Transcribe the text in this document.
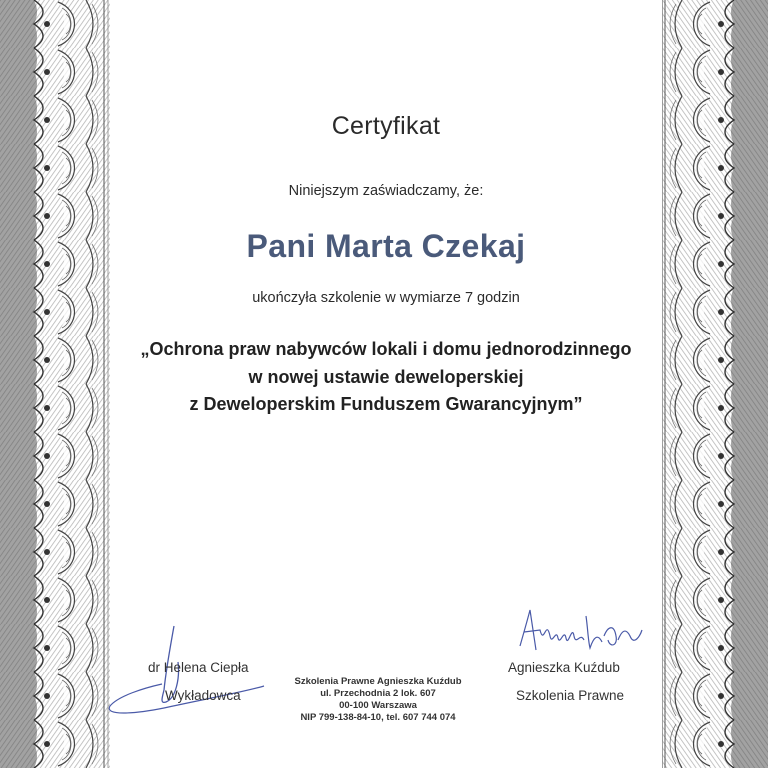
Certyfikat
Niniejszym zaświadczamy, że:
Pani Marta Czekaj
ukończyła szkolenie w wymiarze 7 godzin
„Ochrona praw nabywców lokali i domu jednorodzinnego
w nowej ustawie deweloperskiej
z Deweloperskim Funduszem Gwarancyjnym”
dr Helena Ciepła
Wykładowca
Szkolenia Prawne Agnieszka Kuźdub
ul. Przechodnia 2 lok. 607
00-100 Warszawa
NIP 799-138-84-10, tel. 607 744 074
Agnieszka Kuźdub
Szkolenia Prawne
